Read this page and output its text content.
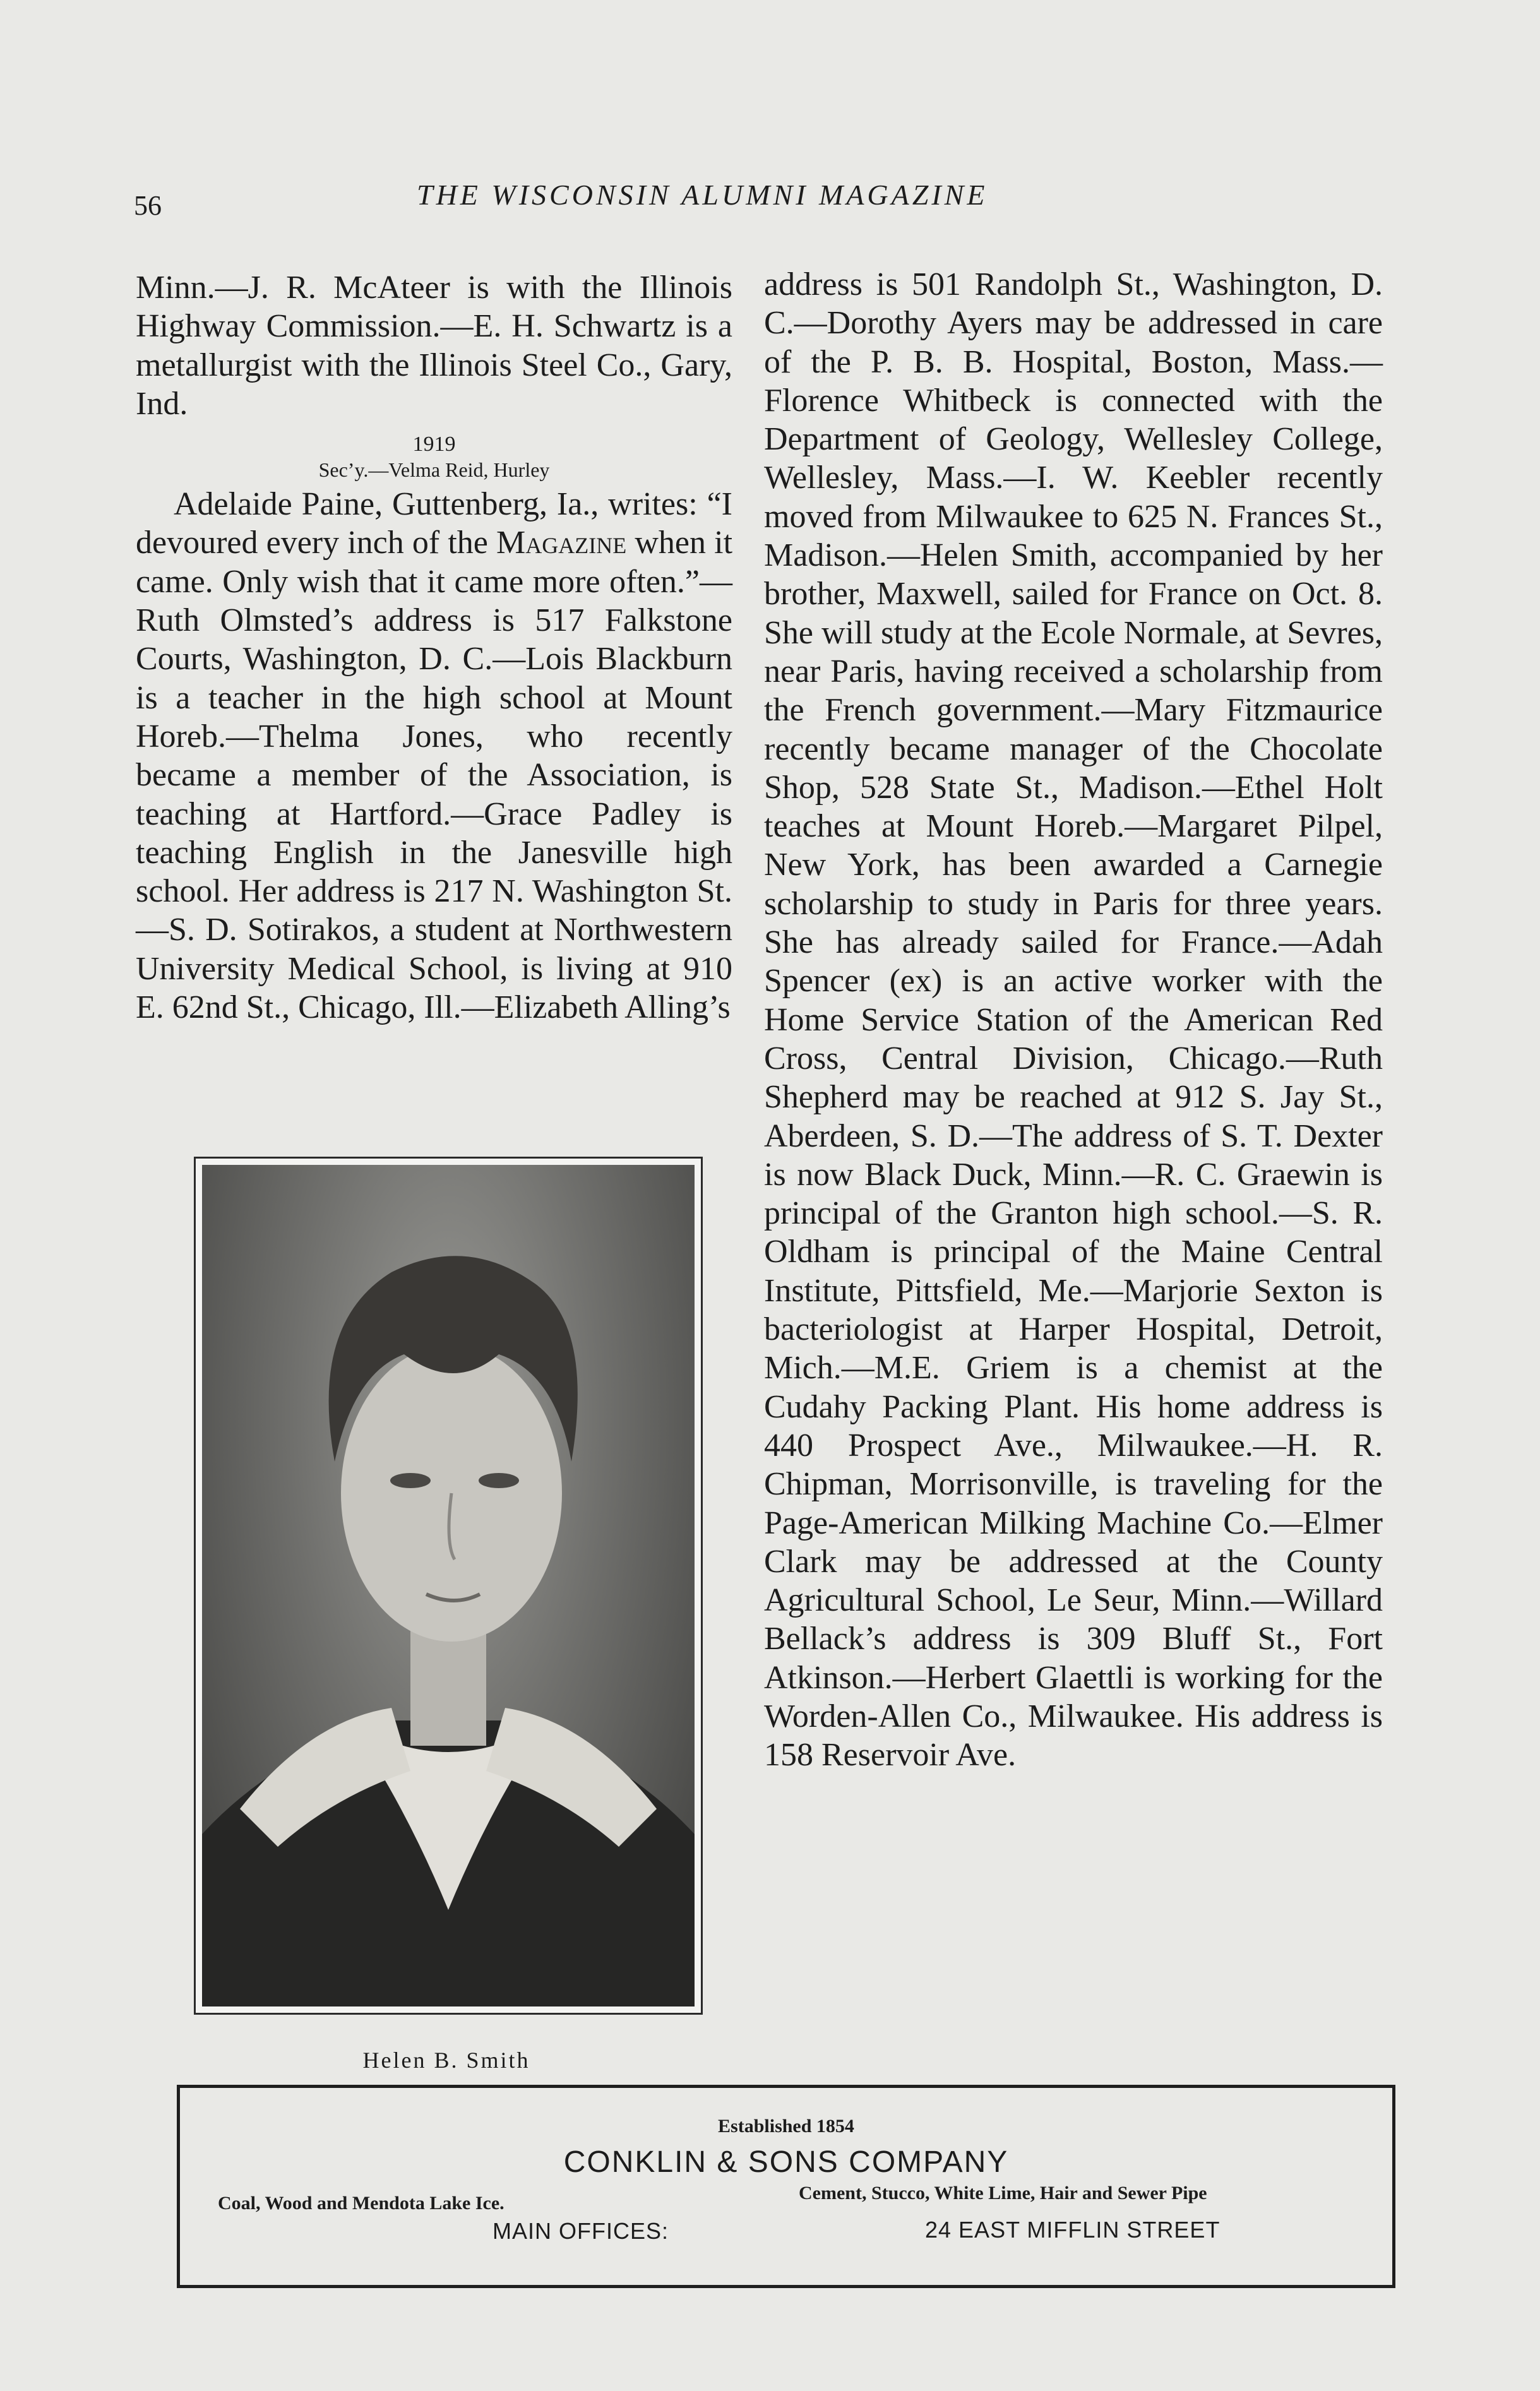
56	THE WISCONSIN ALUMNI MAGAZINE

Minn.—J. R. McAteer is with the Illinois Highway Commission.—E. H. Schwartz is a metallurgist with the Illinois Steel Co., Gary, Ind.

1919

Sec’y.—Velma Reid, Hurley

Adelaide Paine, Guttenberg, Ia., writes: “I devoured every inch of the Magazine when it came. Only wish that it came more often.”—Ruth Olmsted’s address is 517 Falkstone Courts, Washington, D. C.—Lois Blackburn is a teacher in the high school at Mount Horeb.—Thelma Jones, who recently became a member of the Association, is teaching at Hartford.—Grace Padley is teaching English in the Janesville high school. Her address is 217 N. Washington St.—S. D. Sotirakos, a student at Northwestern University Medical School, is living at 910 E. 62nd St., Chicago, Ill.—Elizabeth Alling’s

address is 501 Randolph St., Washington, D. C.—Dorothy Ayers may be addressed in care of the P. B. B. Hospital, Boston, Mass.—Florence Whitbeck is connected with the Department of Geology, Wellesley College, Wellesley, Mass.—I. W. Keebler recently moved from Milwaukee to 625 N. Frances St., Madison.—Helen Smith, accompanied by her brother, Maxwell, sailed for France on Oct. 8. She will study at the Ecole Normale, at Sevres, near Paris, having received a scholarship from the French government.—Mary Fitzmaurice recently became manager of the Chocolate Shop, 528 State St., Madison.—Ethel Holt teaches at Mount Horeb.—Margaret Pilpel, New York, has been awarded a Carnegie scholarship to study in Paris for three years. She has already sailed for France.—Adah Spencer (ex) is an active worker with the Home Service Station of the American Red Cross, Central Division, Chicago.—Ruth Shepherd may be reached at 912 S. Jay St., Aberdeen, S. D.—The address of S. T. Dexter is now Black Duck, Minn.—R. C. Graewin is principal of the Granton high school.—S. R. Oldham is principal of the Maine Central Institute, Pittsfield, Me.—Marjorie Sexton is bacteriologist at Harper Hospital, Detroit, Mich.—M.E. Griem is a chemist at the Cudahy Packing Plant. His home address is 440 Prospect Ave., Milwaukee.—H. R. Chipman, Morrisonville, is traveling for the Page-American Milking Machine Co.—Elmer Clark may be addressed at the County Agricultural School, Le Seur, Minn.—Willard Bellack’s address is 309 Bluff St., Fort Atkinson.—Herbert Glaettli is working for the Worden-Allen Co., Milwaukee. His address is 158 Reservoir Ave.

Helen B. Smith
Established 1854
CONKLIN & SONS COMPANY
Coal, Wood and Mendota Lake Ice.	Cement, Stucco, White Lime, Hair and Sewer Pipe
MAIN OFFICES:	24 EAST MIFFLIN STREET
